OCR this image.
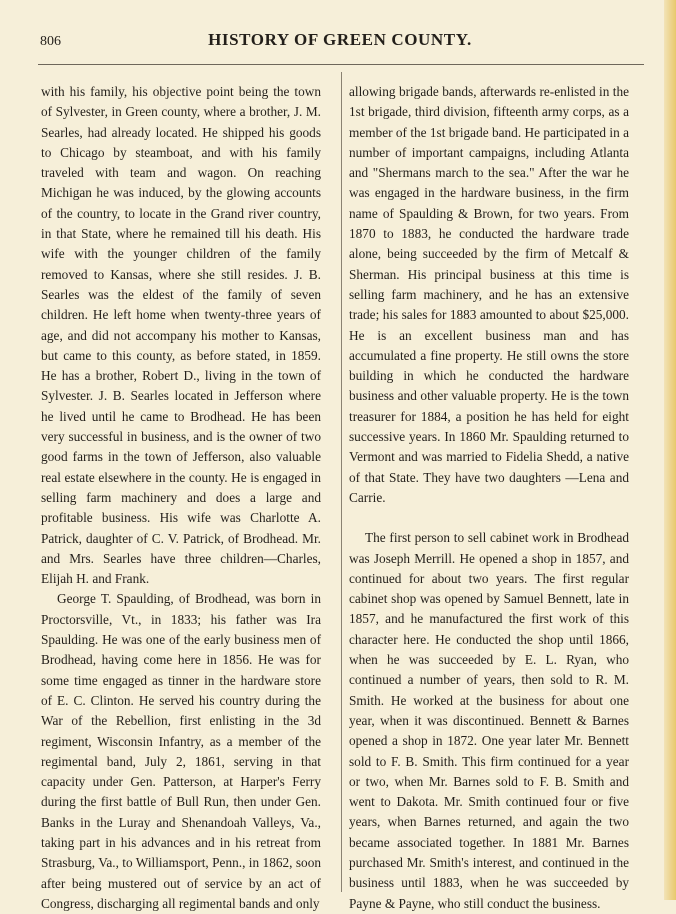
806	HISTORY OF GREEN COUNTY.

with his family, his objective point being the town of Sylvester, in Green county, where a brother, J. M. Searles, had already located. He shipped his goods to Chicago by steamboat, and with his family traveled with team and wagon. On reaching Michigan he was induced, by the glowing accounts of the country, to locate in the Grand river country, in that State, where he remained till his death. His wife with the younger children of the family removed to Kansas, where she still resides. J. B. Searles was the eldest of the family of seven children. He left home when twenty-three years of age, and did not accompany his mother to Kansas, but came to this county, as before stated, in 1859. He has a brother, Robert D., living in the town of Sylvester. J. B. Searles located in Jefferson where he lived until he came to Brodhead. He has been very successful in business, and is the owner of two good farms in the town of Jefferson, also valuable real estate elsewhere in the county. He is engaged in selling farm machinery and does a large and profitable business. His wife was Charlotte A. Patrick, daughter of C. V. Patrick, of Brodhead. Mr. and Mrs. Searles have three children—Charles, Elijah H. and Frank.

George T. Spaulding, of Brodhead, was born in Proctorsville, Vt., in 1833; his father was Ira Spaulding. He was one of the early business men of Brodhead, having come here in 1856. He was for some time engaged as tinner in the hardware store of E. C. Clinton. He served his country during the War of the Rebellion, first enlisting in the 3d regiment, Wisconsin Infantry, as a member of the regimental band, July 2, 1861, serving in that capacity under Gen. Patterson, at Harper's Ferry during the first battle of Bull Run, then under Gen. Banks in the Luray and Shenandoah Valleys, Va., taking part in his advances and in his retreat from Strasburg, Va., to Williamsport, Penn., in 1862, soon after being mustered out of service by an act of Congress, discharging all regimental bands and only

allowing brigade bands, afterwards re-enlisted in the 1st brigade, third division, fifteenth army corps, as a member of the 1st brigade band. He participated in a number of important campaigns, including Atlanta and "Shermans march to the sea." After the war he was engaged in the hardware business, in the firm name of Spaulding & Brown, for two years. From 1870 to 1883, he conducted the hardware trade alone, being succeeded by the firm of Metcalf & Sherman. His principal business at this time is selling farm machinery, and he has an extensive trade; his sales for 1883 amounted to about $25,000. He is an excellent business man and has accumulated a fine property. He still owns the store building in which he conducted the hardware business and other valuable property. He is the town treasurer for 1884, a position he has held for eight successive years. In 1860 Mr. Spaulding returned to Vermont and was married to Fidelia Shedd, a native of that State. They have two daughters —Lena and Carrie.

The first person to sell cabinet work in Brodhead was Joseph Merrill. He opened a shop in 1857, and continued for about two years. The first regular cabinet shop was opened by Samuel Bennett, late in 1857, and he manufactured the first work of this character here. He conducted the shop until 1866, when he was succeeded by E. L. Ryan, who continued a number of years, then sold to R. M. Smith. He worked at the business for about one year, when it was discontinued. Bennett & Barnes opened a shop in 1872. One year later Mr. Bennett sold to F. B. Smith. This firm continued for a year or two, when Mr. Barnes sold to F. B. Smith and went to Dakota. Mr. Smith continued four or five years, when Barnes returned, and again the two became associated together. In 1881 Mr. Barnes purchased Mr. Smith's interest, and continued in the business until 1883, when he was succeeded by Payne & Payne, who still conduct the business.
